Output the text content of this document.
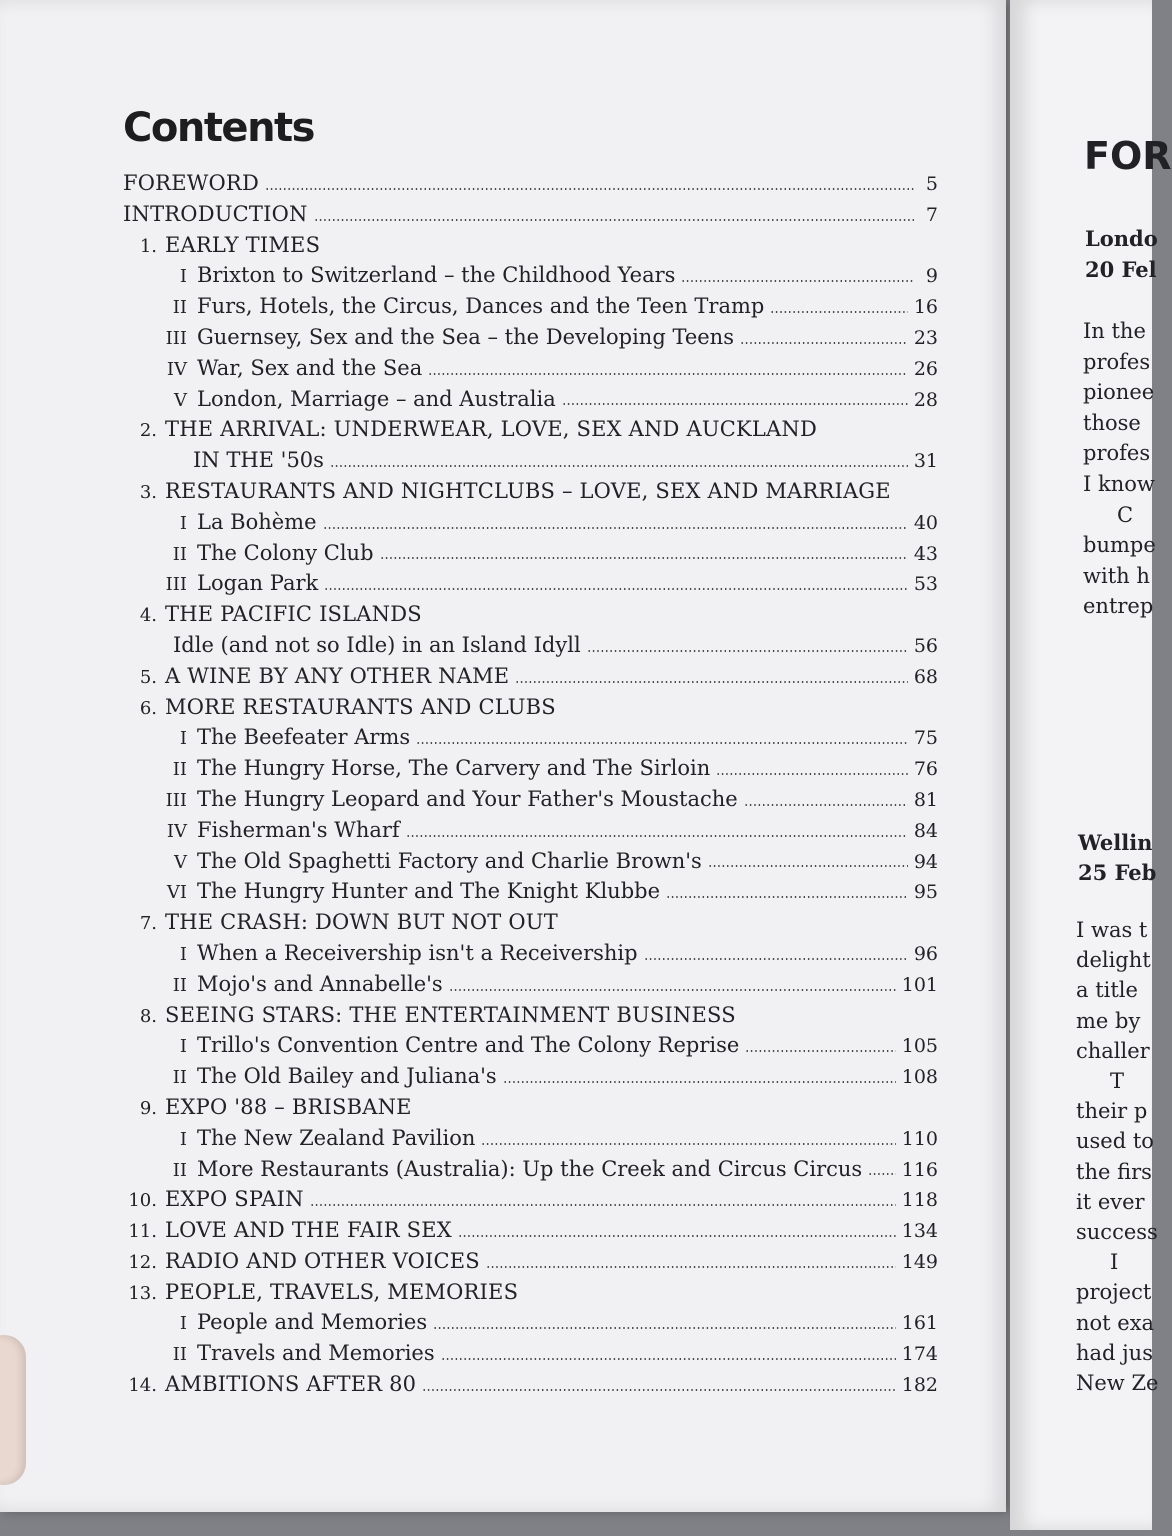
Contents
FOREWORD	5
INTRODUCTION	7
1. EARLY TIMES
I Brixton to Switzerland – the Childhood Years	9
II Furs, Hotels, the Circus, Dances and the Teen Tramp	16
III Guernsey, Sex and the Sea – the Developing Teens	23
IV War, Sex and the Sea	26
V London, Marriage – and Australia	28
2. THE ARRIVAL: UNDERWEAR, LOVE, SEX AND AUCKLAND
IN THE '50s	31
3. RESTAURANTS AND NIGHTCLUBS – LOVE, SEX AND MARRIAGE
I La Bohème	40
II The Colony Club	43
III Logan Park	53
4. THE PACIFIC ISLANDS
Idle (and not so Idle) in an Island Idyll	56
5. A WINE BY ANY OTHER NAME	68
6. MORE RESTAURANTS AND CLUBS
I The Beefeater Arms	75
II The Hungry Horse, The Carvery and The Sirloin	76
III The Hungry Leopard and Your Father's Moustache	81
IV Fisherman's Wharf	84
V The Old Spaghetti Factory and Charlie Brown's	94
VI The Hungry Hunter and The Knight Klubbe	95
7. THE CRASH: DOWN BUT NOT OUT
I When a Receivership isn't a Receivership	96
II Mojo's and Annabelle's	101
8. SEEING STARS: THE ENTERTAINMENT BUSINESS
I Trillo's Convention Centre and The Colony Reprise	105
II The Old Bailey and Juliana's	108
9. EXPO '88 – BRISBANE
I The New Zealand Pavilion	110
II More Restaurants (Australia): Up the Creek and Circus Circus 116
10. EXPO SPAIN	118
11. LOVE AND THE FAIR SEX	134
12. RADIO AND OTHER VOICES	149
13. PEOPLE, TRAVELS, MEMORIES
I People and Memories	161
II Travels and Memories	174
14. AMBITIONS AFTER 80	182
FOR
Londo
20 Fel
In the
profes
pionee
those
profes
I know
C
bumpe
with h
entrep
Wellin
25 Feb
I was t
delight
a title
me by
challer
T
their p
used to
the firs
it ever
success
I
project
not exa
had jus
New Ze
